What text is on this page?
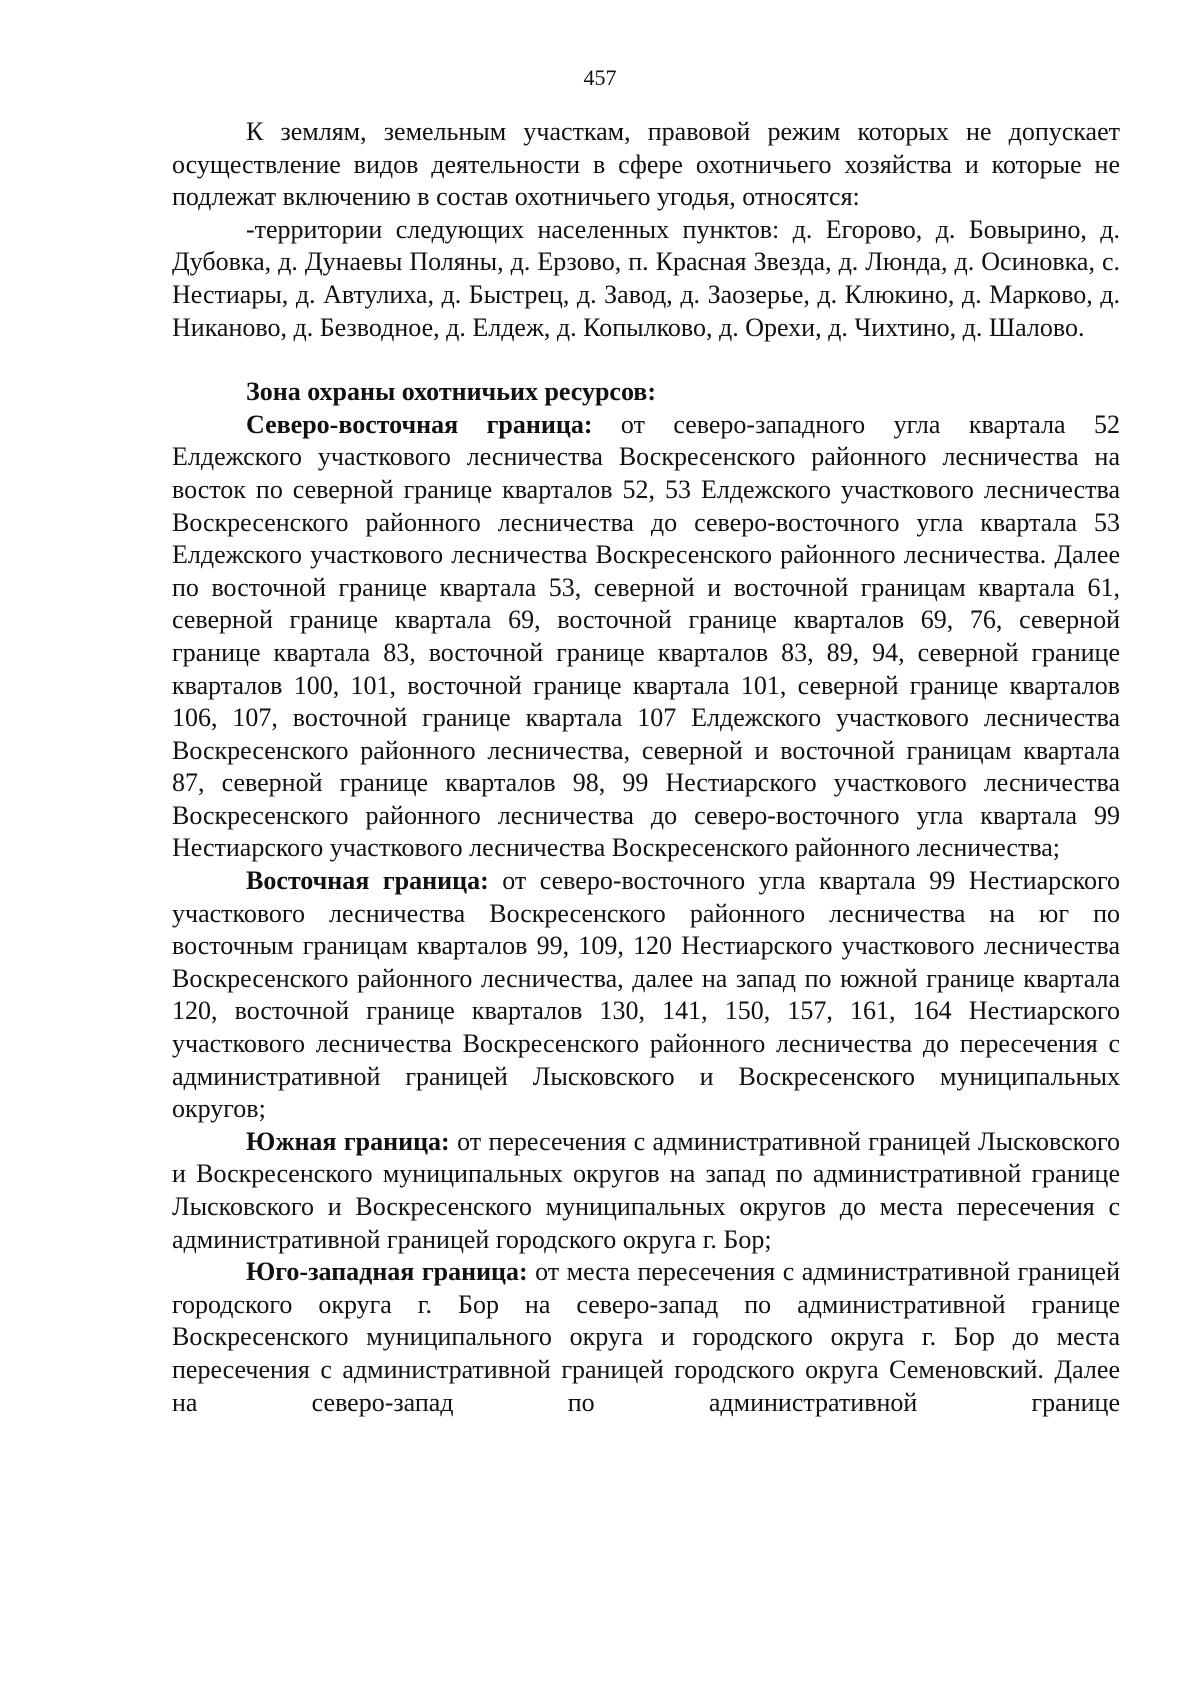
457

К землям, земельным участкам, правовой режим которых не допускает осуществление видов деятельности в сфере охотничьего хозяйства и которые не подлежат включению в состав охотничьего угодья, относятся:

-территории следующих населенных пунктов: д. Егорово, д. Бовырино, д. Дубовка, д. Дунаевы Поляны, д. Ерзово, п. Красная Звезда, д. Люнда, д. Осиновка, с. Нестиары, д. Автулиха, д. Быстрец, д. Завод, д. Заозерье, д. Клюкино, д. Марково, д. Никаново, д. Безводное, д. Елдеж, д. Копылково, д. Орехи, д. Чихтино, д. Шалово.

Зона охраны охотничьих ресурсов:

Северо-восточная граница: от северо-западного угла квартала 52 Елдежского участкового лесничества Воскресенского районного лесничества на восток по северной границе кварталов 52, 53 Елдежского участкового лесничества Воскресенского районного лесничества до северо-восточного угла квартала 53 Елдежского участкового лесничества Воскресенского районного лесничества. Далее по восточной границе квартала 53, северной и восточной границам квартала 61, северной границе квартала 69, восточной границе кварталов 69, 76, северной границе квартала 83, восточной границе кварталов 83, 89, 94, северной границе кварталов 100, 101, восточной границе квартала 101, северной границе кварталов 106, 107, восточной границе квартала 107 Елдежского участкового лесничества Воскресенского районного лесничества, северной и восточной границам квартала 87, северной границе кварталов 98, 99 Нестиарского участкового лесничества Воскресенского районного лесничества до северо-восточного угла квартала 99 Нестиарского участкового лесничества Воскресенского районного лесничества;

Восточная граница: от северо-восточного угла квартала 99 Нестиарского участкового лесничества Воскресенского районного лесничества на юг по восточным границам кварталов 99, 109, 120 Нестиарского участкового лесничества Воскресенского районного лесничества, далее на запад по южной границе квартала 120, восточной границе кварталов 130, 141, 150, 157, 161, 164 Нестиарского участкового лесничества Воскресенского районного лесничества до пересечения с административной границей Лысковского и Воскресенского муниципальных округов;

Южная граница: от пересечения с административной границей Лысковского и Воскресенского муниципальных округов на запад по административной границе Лысковского и Воскресенского муниципальных округов до места пересечения с административной границей городского округа г. Бор;

Юго-западная граница: от места пересечения с административной границей городского округа г. Бор на северо-запад по административной границе Воскресенского муниципального округа и городского округа г. Бор до места пересечения с административной границей городского округа Семеновский. Далее на северо-запад по административной границе
